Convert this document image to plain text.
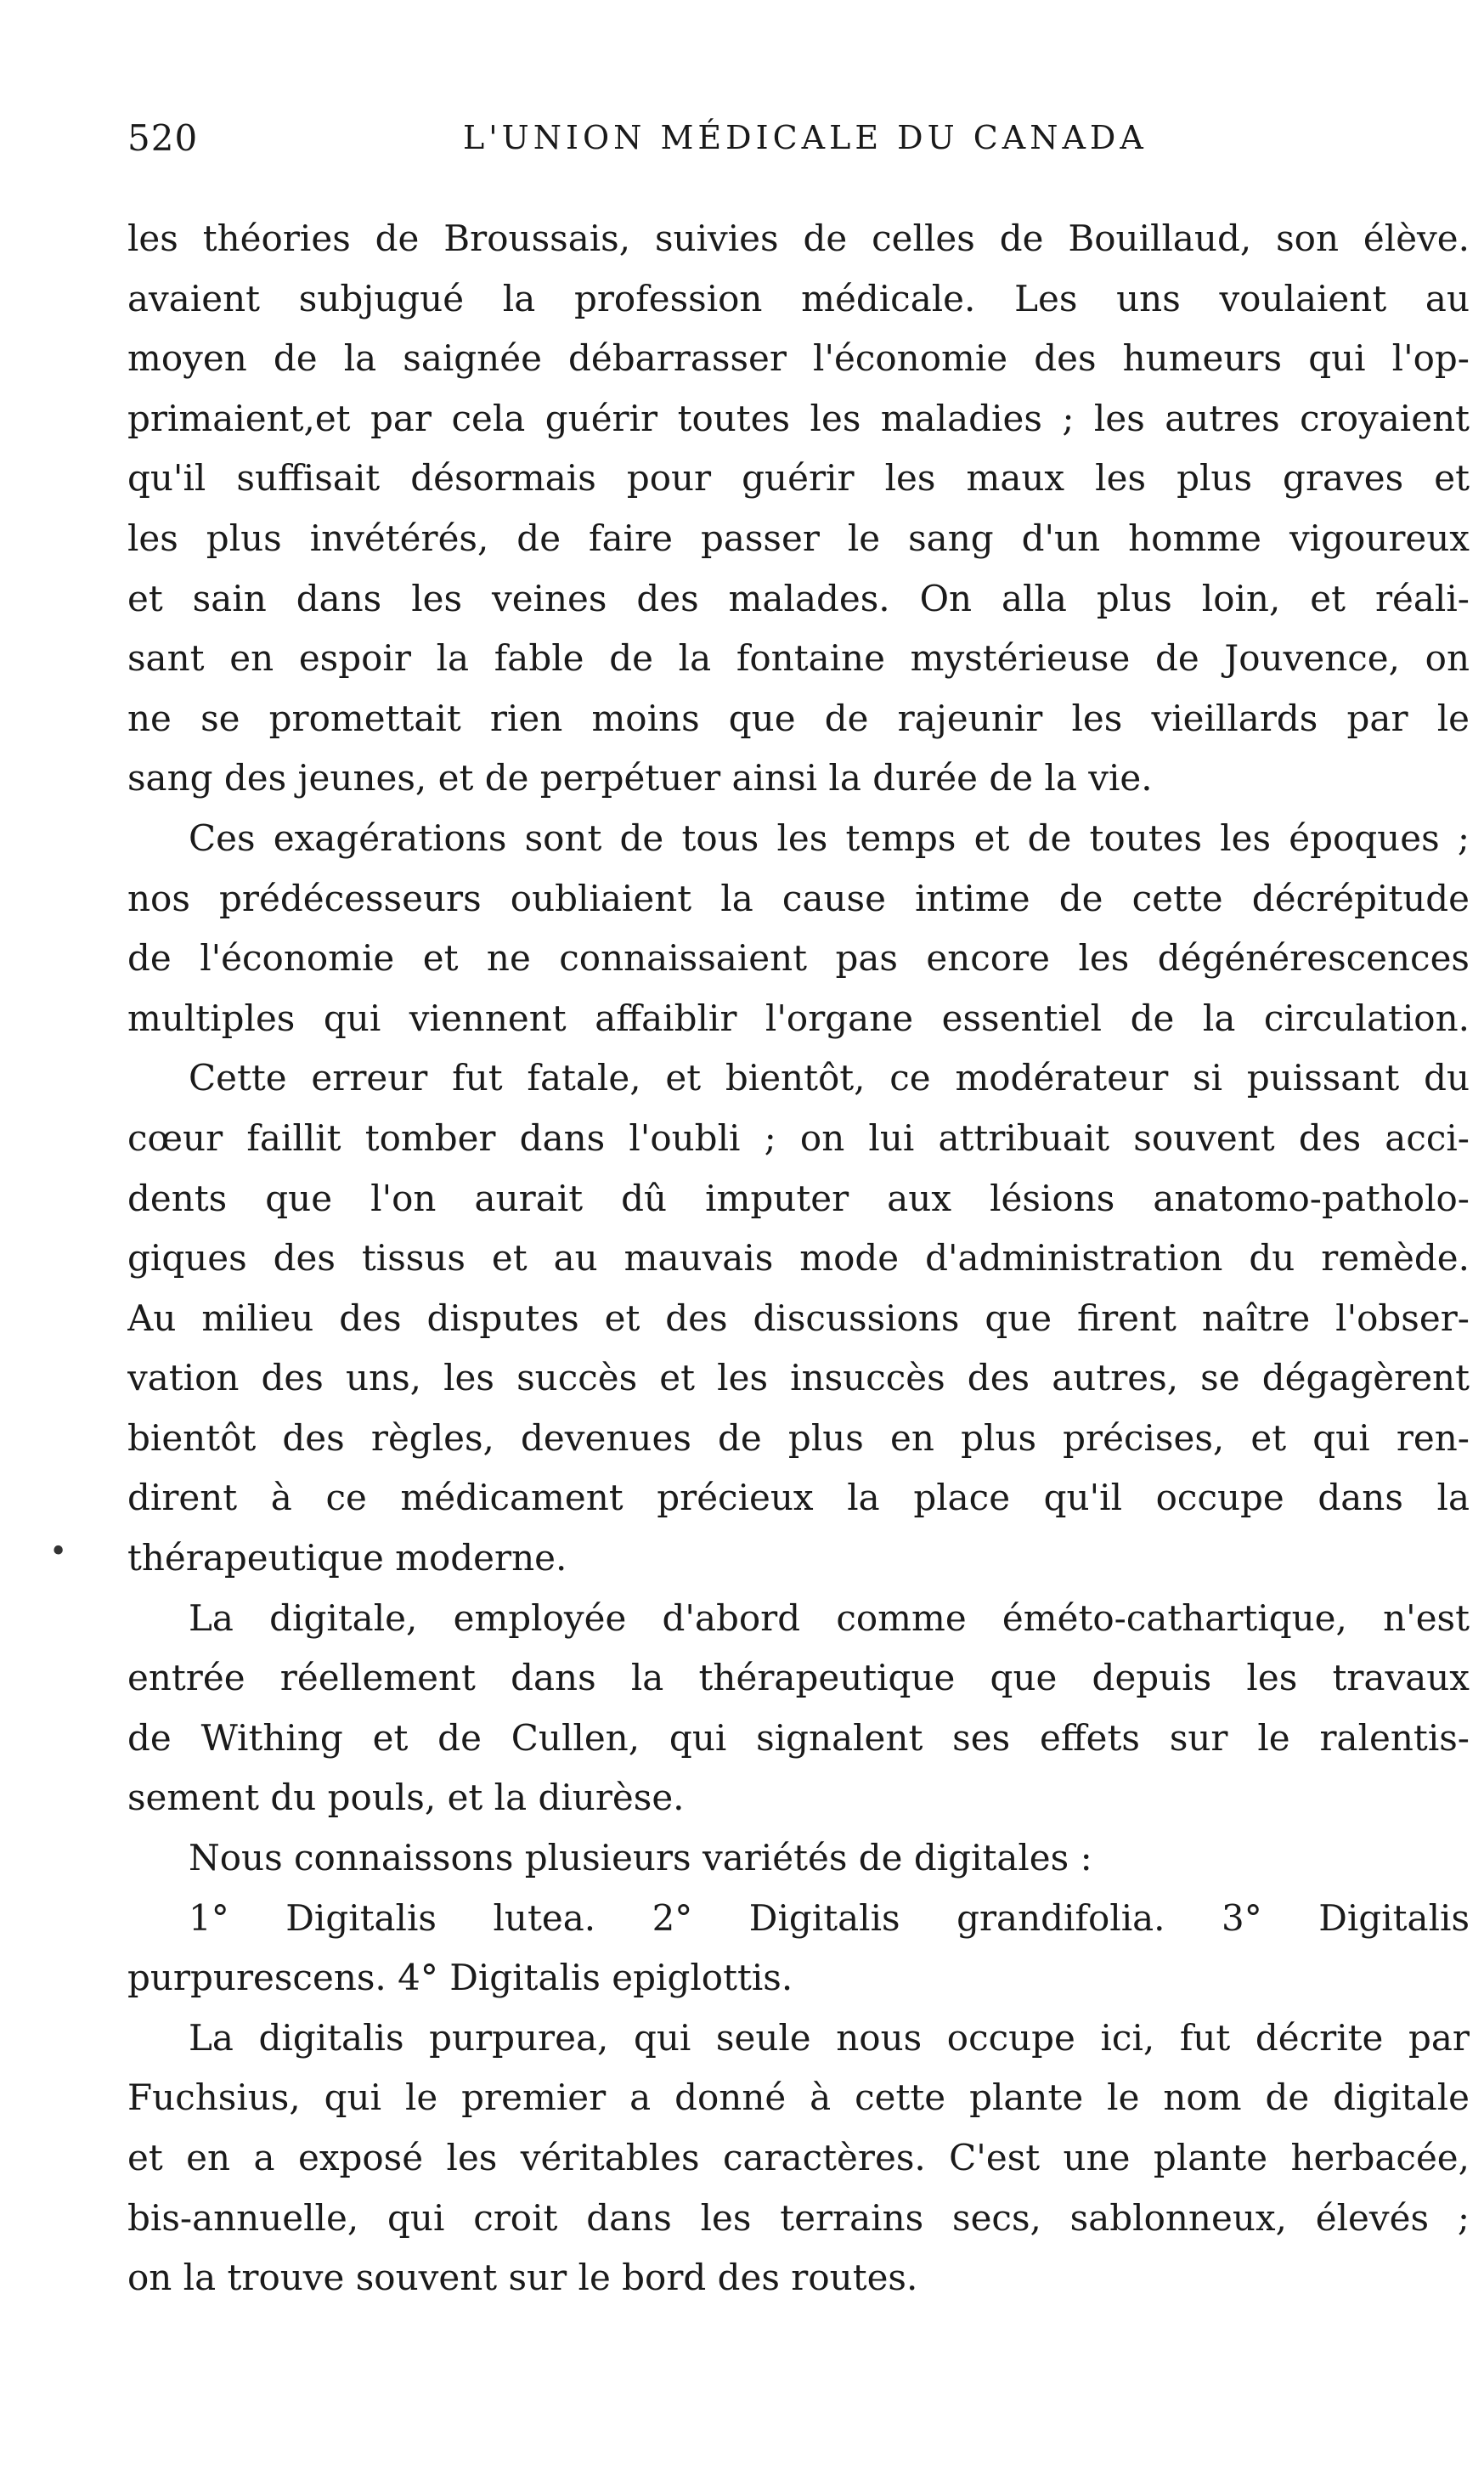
520	L'UNION MÉDICALE DU CANADA
•
les théories de Broussais, suivies de celles de Bouillaud, son élève.
avaient subjugué la profession médicale. Les uns voulaient au
moyen de la saignée débarrasser l'économie des humeurs qui l'op-
primaient,et par cela guérir toutes les maladies ; les autres croyaient
qu'il suffisait désormais pour guérir les maux les plus graves et
les plus invétérés, de faire passer le sang d'un homme vigoureux
et sain dans les veines des malades. On alla plus loin, et réali-
sant en espoir la fable de la fontaine mystérieuse de Jouvence, on
ne se promettait rien moins que de rajeunir les vieillards par le
sang des jeunes, et de perpétuer ainsi la durée de la vie.
Ces exagérations sont de tous les temps et de toutes les époques ;
nos prédécesseurs oubliaient la cause intime de cette décrépitude
de l'économie et ne connaissaient pas encore les dégénérescences
multiples qui viennent affaiblir l'organe essentiel de la circulation.
Cette erreur fut fatale, et bientôt, ce modérateur si puissant du
cœur faillit tomber dans l'oubli ; on lui attribuait souvent des acci-
dents que l'on aurait dû imputer aux lésions anatomo-patholo-
giques des tissus et au mauvais mode d'administration du remède.
Au milieu des disputes et des discussions que firent naître l'obser-
vation des uns, les succès et les insuccès des autres, se dégagèrent
bientôt des règles, devenues de plus en plus précises, et qui ren-
dirent à ce médicament précieux la place qu'il occupe dans la
thérapeutique moderne.
La digitale, employée d'abord comme éméto-cathartique, n'est
entrée réellement dans la thérapeutique que depuis les travaux
de Withing et de Cullen, qui signalent ses effets sur le ralentis-
sement du pouls, et la diurèse.
Nous connaissons plusieurs variétés de digitales :
1° Digitalis lutea. 2° Digitalis grandifolia. 3° Digitalis
purpurescens. 4° Digitalis epiglottis.
La digitalis purpurea, qui seule nous occupe ici, fut décrite par
Fuchsius, qui le premier a donné à cette plante le nom de digitale
et en a exposé les véritables caractères. C'est une plante herbacée,
bis-annuelle, qui croit dans les terrains secs, sablonneux, élevés ;
on la trouve souvent sur le bord des routes.
